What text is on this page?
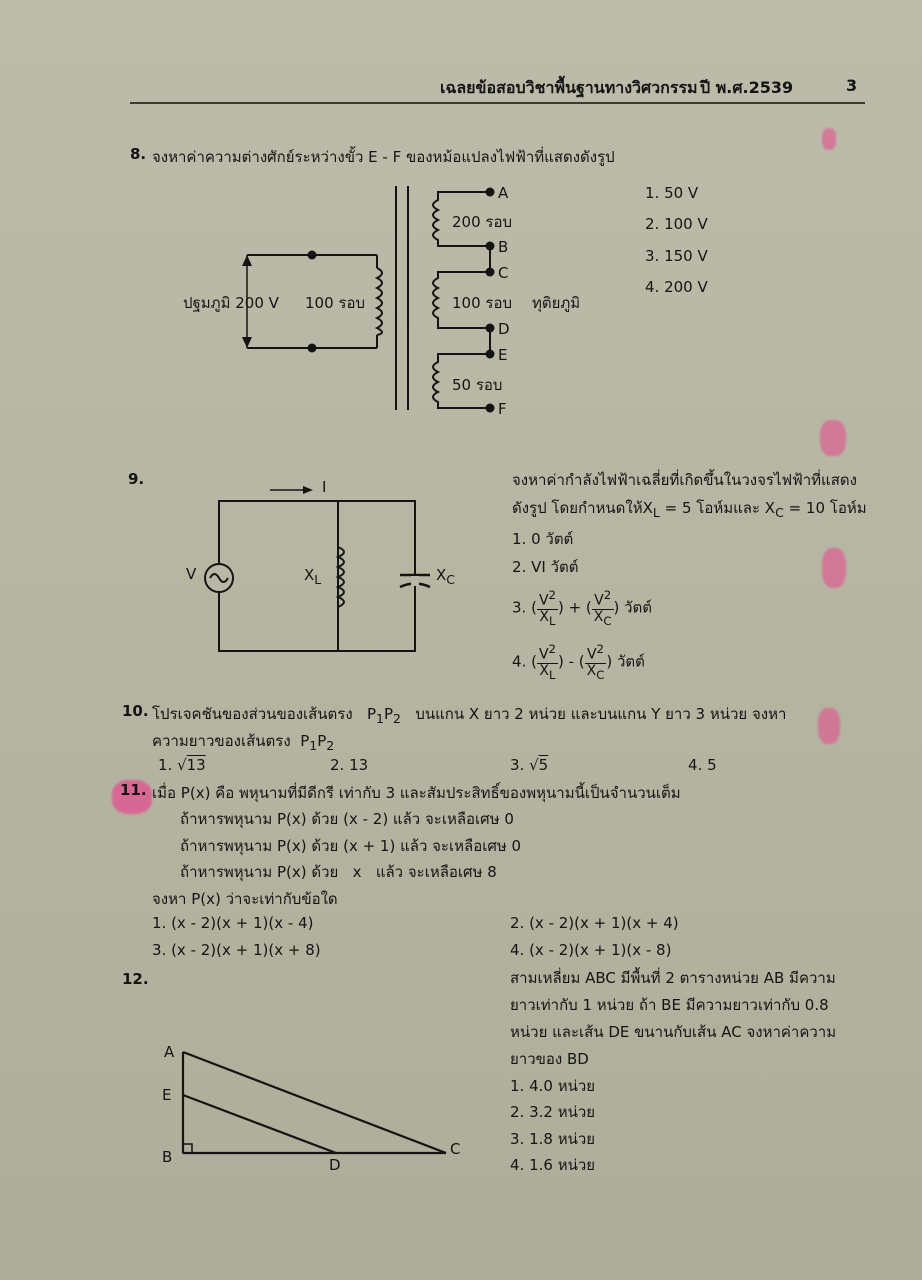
เฉลยข้อสอบวิชาพื้นฐานทางวิศวกรรม ปี พ.ศ.2539	3
8. จงหาค่าความต่างศักย์ระหว่างขั้ว E - F ของหม้อแปลงไฟฟ้าที่แสดงดังรูป
ปฐมภูมิ 200 V 100 รอบ
200 รอบ
100 รอบ
50 รอบ
ทุติยภูมิ
A
B
C
D
E
F
1. 50 V
2. 100 V
3. 150 V
4. 200 V
9.	I
V	$X_L$	$X_C$
จงหาค่ากำลังไฟฟ้าเฉลี่ยที่เกิดขึ้นในวงจรไฟฟ้าที่แสดง
ดังรูป โดยกำหนดให้$X_L = 5$ โอห์มและ $X_C = 10$ โอห์ม
1. 0 วัตต์
2. VI วัตต์
3. ( $\frac{V^2}{X_L}$ ) + ( $\frac{V^2}{X_C}$ ) วัตต์
4. ( $\frac{V^2}{X_L}$ ) - ( $\frac{V^2}{X_C}$ ) วัตต์
10. โปรเจคชันของส่วนของเส้นตรง $P_1P_2$ บนแกน X ยาว 2 หน่วย และบนแกน Y ยาว 3 หน่วย จงหา
ความยาวของเส้นตรง $P_1P_2$
1. √13	2. 13	3. √5	4. 5
11. เมื่อ P(x) คือ พหุนามที่มีดีกรี เท่ากับ 3 และสัมประสิทธิ์ของพหุนามนี้เป็นจำนวนเต็ม
ถ้าหารพหุนาม P(x) ด้วย (x - 2) แล้ว จะเหลือเศษ 0
ถ้าหารพหุนาม P(x) ด้วย (x + 1) แล้ว จะเหลือเศษ 0
ถ้าหารพหุนาม P(x) ด้วย   x   แล้ว จะเหลือเศษ 8
จงหา P(x) ว่าจะเท่ากับข้อใด
1. (x - 2)(x + 1)(x - 4)	2. (x - 2)(x + 1)(x + 4)
3. (x - 2)(x + 1)(x + 8)	4. (x - 2)(x + 1)(x - 8)
12.	สามเหลี่ยม ABC มีพื้นที่ 2 ตารางหน่วย AB มีความ
ยาวเท่ากับ 1 หน่วย ถ้า BE มีความยาวเท่ากับ 0.8
หน่วย และเส้น DE ขนานกับเส้น AC จงหาค่าความ
ยาวของ BD
1. 4.0 หน่วย
2. 3.2 หน่วย
3. 1.8 หน่วย
4. 1.6 หน่วย
A
E
B	D
C
